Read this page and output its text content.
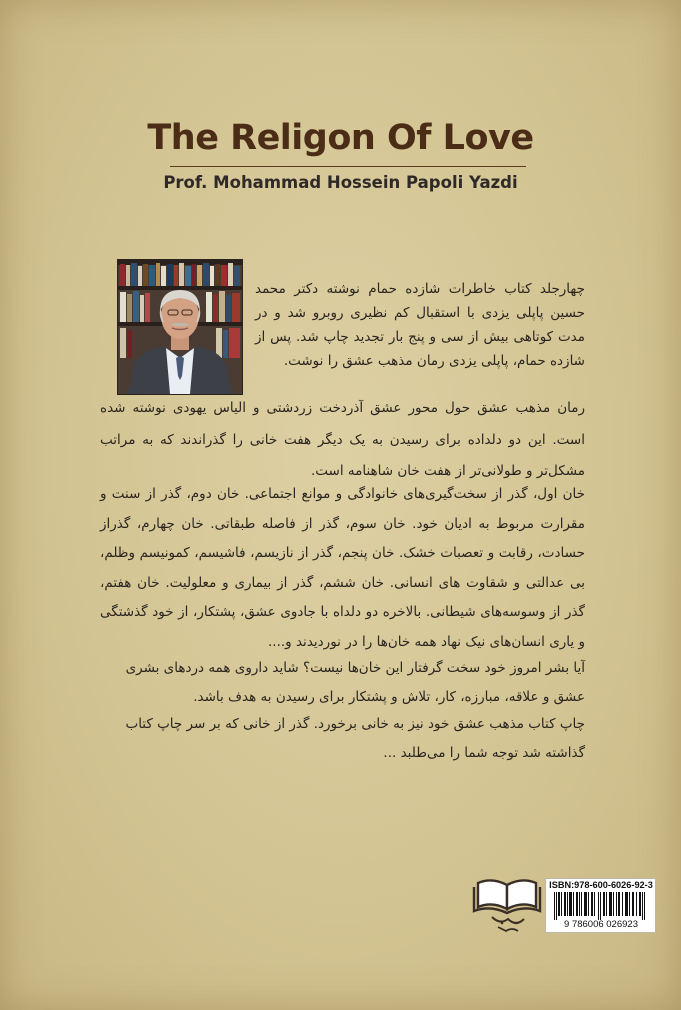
The Religon Of Love
Prof. Mohammad Hossein Papoli Yazdi

چهارجلد کتاب خاطرات شازده حمام نوشته دکتر محمد حسین پاپلی یزدی با استقبال کم نظیری روبرو شد و در مدت کوتاهی بیش از سی و پنج بار تجدید چاپ شد. پس از شازده حمام، پاپلی یزدی رمان مذهب عشق را نوشت.

رمان مذهب عشق حول محور عشق آذردخت زردشتی و الیاس یهودی نوشته شده است. این دو دلداده برای رسیدن به یک دیگر هفت خانی را گذراندند که به مراتب مشکل‌تر و طولانی‌تر از هفت خان شاهنامه است.

خان اول، گذر از سخت‌گیری‌های خانوادگی و موانع اجتماعی. خان دوم، گذر از سنت و مقرارت مربوط به ادیان خود. خان سوم، گذر از فاصله طبقاتی. خان چهارم، گذراز حسادت، رقابت و تعصبات خشک. خان پنجم، گذر از نازیسم، فاشیسم، کمونیسم وظلم، بی عدالتی و شقاوت های انسانی. خان ششم، گذر از بیماری و معلولیت. خان هفتم، گذر از وسوسه‌های شیطانی. بالاخره دو دلداه با جادوی عشق، پشتکار، از خود گذشتگی و یاری انسان‌های نیک نهاد همه خان‌ها را در نوردیدند و....

آیا بشر امروز خود سخت گرفتار این خان‌ها نیست؟ شاید داروی همه دردهای بشری عشق و علاقه، مبارزه، کار، تلاش و پشتکار برای رسیدن به هدف باشد.

چاپ کتاب مذهب عشق خود نیز به خانی برخورد. گذر از خانی که بر سر چاپ کتاب گذاشته شد توجه شما را می‌طلبد ...

ISBN:978-600-6026-92-3
9 786006 026923
